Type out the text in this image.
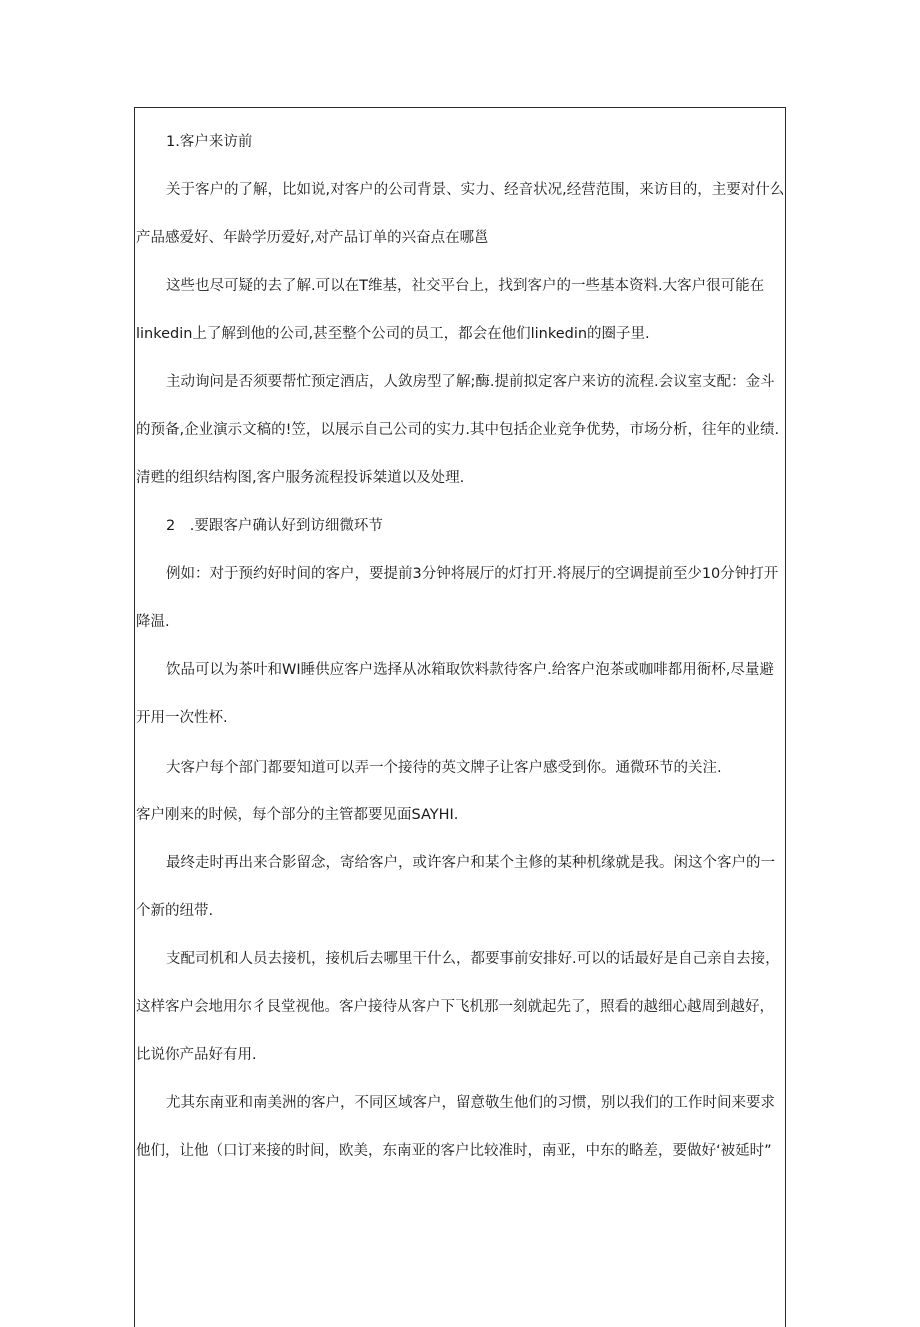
1.客户来访前
关于客户的了解，比如说,对客户的公司背景、实力、经音状况,经营范围，来访目的，主要对什么
产品感爱好、年龄学历爱好,对产品订单的兴奋点在哪邕
这些也尽可疑的去了解.可以在T维基，社交平台上，找到客户的一些基本资料.大客户很可能在
linkedin上了解到他的公司,甚至整个公司的员工，都会在他们linkedin的圈子里.
主动询问是否须要帮忙预定酒店，人敛房型了解;酶.提前拟定客户来访的流程.会议室支配：金斗
的预备,企业演示文稿的!笠，以展示自己公司的实力.其中包括企业竞争优势，市场分析，往年的业绩.
清甦的组织结构图,客户服务流程投诉桀道以及处理.
2　.要跟客户确认好到访细微环节
例如：对于预约好时间的客户，要提前3分钟将展厅的灯打开.将展厅的空调提前至少10分钟打开
降温.
饮品可以为茶叶和WI睡供应客户选择从冰箱取饮料款待客户.给客户泡茶或咖啡都用衙杯,尽量避
开用一次性杯.
大客户每个部门都要知道可以弄一个接待的英文牌子让客户感受到你。通微环节的关注.
客户刚来的时候，每个部分的主管都要见面SAYHI.
最终走时再出来合影留念，寄给客户，或许客户和某个主修的某种机缘就是我。闲这个客户的一
个新的纽带.
支配司机和人员去接机，接机后去哪里干什么，都要事前安排好.可以的话最好是自己亲自去接，
这样客户会地用尔彳艮堂视他。客户接待从客户下飞机那一刻就起先了，照看的越细心越周到越好，
比说你产品好有用.
尤其东南亚和南美洲的客户，不同区域客户，留意敬生他们的习惯，别以我们的工作时间来要求
他们，让他（口订来接的时间，欧美，东南亚的客户比较准时，南亚，中东的略差，要做好‘被延时”
